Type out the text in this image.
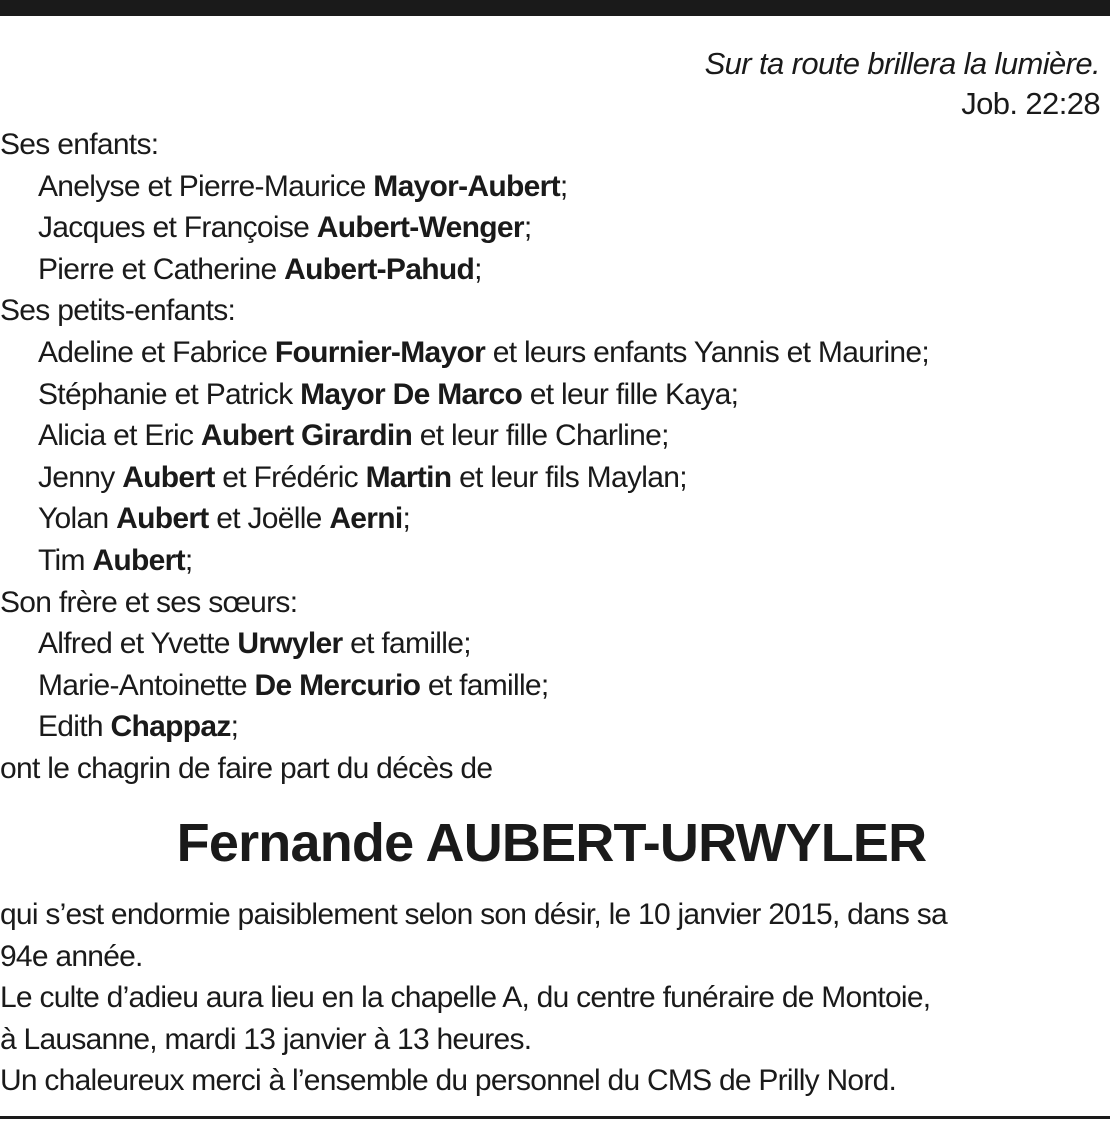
Sur ta route brillera la lumière.
Job. 22:28
Ses enfants:
Anelyse et Pierre-Maurice Mayor-Aubert;
Jacques et Françoise Aubert-Wenger;
Pierre et Catherine Aubert-Pahud;
Ses petits-enfants:
Adeline et Fabrice Fournier-Mayor et leurs enfants Yannis et Maurine;
Stéphanie et Patrick Mayor De Marco et leur fille Kaya;
Alicia et Eric Aubert Girardin et leur fille Charline;
Jenny Aubert et Frédéric Martin et leur fils Maylan;
Yolan Aubert et Joëlle Aerni;
Tim Aubert;
Son frère et ses sœurs:
Alfred et Yvette Urwyler et famille;
Marie-Antoinette De Mercurio et famille;
Edith Chappaz;
ont le chagrin de faire part du décès de
Fernande AUBERT-URWYLER
qui s’est endormie paisiblement selon son désir, le 10 janvier 2015, dans sa
94e année.
Le culte d’adieu aura lieu en la chapelle A, du centre funéraire de Montoie,
à Lausanne, mardi 13 janvier à 13 heures.
Un chaleureux merci à l’ensemble du personnel du CMS de Prilly Nord.
